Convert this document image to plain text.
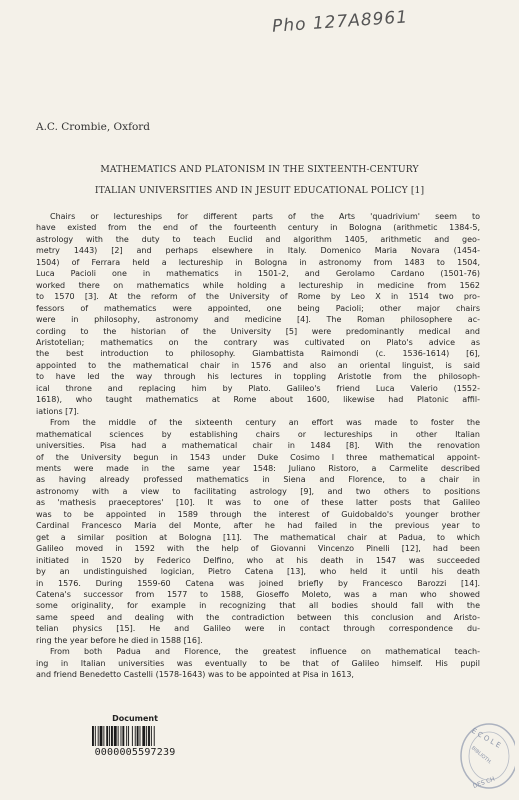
Pho 127A8961
A.C. Crombie, Oxford
MATHEMATICS AND PLATONISM IN THE SIXTEENTH-CENTURY
ITALIAN UNIVERSITIES AND IN JESUIT EDUCATIONAL POLICY [1]

Chairs or lectureships for different parts of the Arts 'quadrivium' seem to
have existed from the end of the fourteenth century in Bologna (arithmetic 1384-5,
astrology with the duty to teach Euclid and algorithm 1405, arithmetic and geo-
metry 1443) [2] and perhaps elsewhere in Italy. Domenico Maria Novara (1454-
1504) of Ferrara held a lectureship in Bologna in astronomy from 1483 to 1504,
Luca Pacioli one in mathematics in 1501-2, and Gerolamo Cardano (1501-76)
worked there on mathematics while holding a lectureship in medicine from 1562
to 1570 [3]. At the reform of the University of Rome by Leo X in 1514 two pro-
fessors of mathematics were appointed, one being Pacioli; other major chairs
were in philosophy, astronomy and medicine [4]. The Roman philosophere ac-
cording to the historian of the University [5] were predominantly medical and
Aristotelian; mathematics on the contrary was cultivated on Plato's advice as
the best introduction to philosophy. Giambattista Raimondi (c. 1536-1614) [6],
appointed to the mathematical chair in 1576 and also an oriental linguist, is said
to have led the way through his lectures in toppling Aristotle from the philosoph-
ical throne and replacing him by Plato. Galileo's friend Luca Valerio (1552-
1618), who taught mathematics at Rome about 1600, likewise had Platonic affil-
iations [7].

From the middle of the sixteenth century an effort was made to foster the
mathematical sciences by establishing chairs or lectureships in other Italian
universities. Pisa had a mathematical chair in 1484 [8]. With the renovation
of the University begun in 1543 under Duke Cosimo I three mathematical appoint-
ments were made in the same year 1548: Juliano Ristoro, a Carmelite described
as having already professed mathematics in Siena and Florence, to a chair in
astronomy with a view to facilitating astrology [9], and two others to positions
as 'mathesis praeceptores' [10]. It was to one of these latter posts that Galileo
was to be appointed in 1589 through the interest of Guidobaldo's younger brother
Cardinal Francesco Maria del Monte, after he had failed in the previous year to
get a similar position at Bologna [11]. The mathematical chair at Padua, to which
Galileo moved in 1592 with the help of Giovanni Vincenzo Pinelli [12], had been
initiated in 1520 by Federico Delfino, who at his death in 1547 was succeeded
by an undistinguished logician, Pietro Catena [13], who held it until his death
in 1576. During 1559-60 Catena was joined briefly by Francesco Barozzi [14].
Catena's successor from 1577 to 1588, Gioseffo Moleto, was a man who showed
some originality, for example in recognizing that all bodies should fall with the
same speed and dealing with the contradiction between this conclusion and Aristo-
telian physics [15]. He and Galileo were in contact through correspondence du-
ring the year before he died in 1588 [16].

From both Padua and Florence, the greatest influence on mathematical teach-
ing in Italian universities was eventually to be that of Galileo himself. His pupil
and friend Benedetto Castelli (1578-1643) was to be appointed at Pisa in 1613,

Document
0000005597239
E C O L E
BIBLIOTH.
DES CH
